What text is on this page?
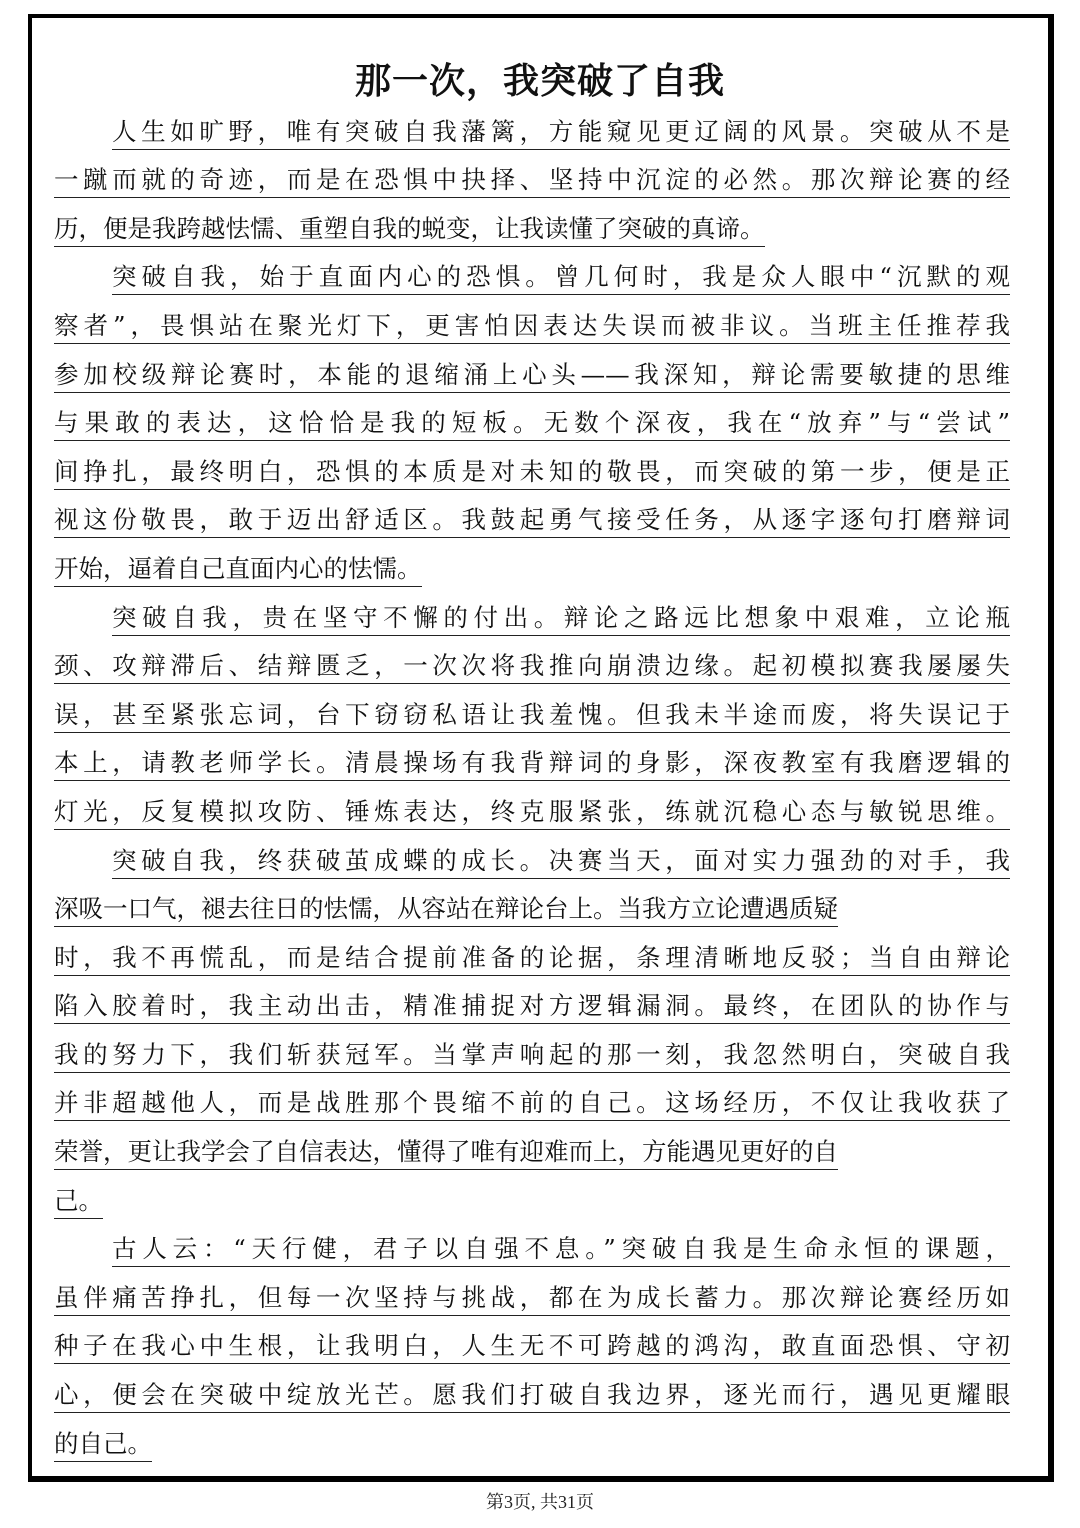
那一次，我突破了自我
人生如旷野，唯有突破自我藩篱，方能窥见更辽阔的风景。突破从不是
一蹴而就的奇迹，而是在恐惧中抉择、坚持中沉淀的必然。那次辩论赛的经
历，便是我跨越怯懦、重塑自我的蜕变，让我读懂了突破的真谛。
突破自我，始于直面内心的恐惧。曾几何时，我是众人眼中“沉默的观
察者”，畏惧站在聚光灯下，更害怕因表达失误而被非议。当班主任推荐我
参加校级辩论赛时，本能的退缩涌上心头——我深知，辩论需要敏捷的思维
与果敢的表达，这恰恰是我的短板。无数个深夜，我在“放弃”与“尝试”
间挣扎，最终明白，恐惧的本质是对未知的敬畏，而突破的第一步，便是正
视这份敬畏，敢于迈出舒适区。我鼓起勇气接受任务，从逐字逐句打磨辩词
开始，逼着自己直面内心的怯懦。
突破自我，贵在坚守不懈的付出。辩论之路远比想象中艰难，立论瓶
颈、攻辩滞后、结辩匮乏，一次次将我推向崩溃边缘。起初模拟赛我屡屡失
误，甚至紧张忘词，台下窃窃私语让我羞愧。但我未半途而废，将失误记于
本上，请教老师学长。清晨操场有我背辩词的身影，深夜教室有我磨逻辑的
灯光，反复模拟攻防、锤炼表达，终克服紧张，练就沉稳心态与敏锐思维。
突破自我，终获破茧成蝶的成长。决赛当天，面对实力强劲的对手，我
深吸一口气，褪去往日的怯懦，从容站在辩论台上。当我方立论遭遇质疑
时，我不再慌乱，而是结合提前准备的论据，条理清晰地反驳；当自由辩论
陷入胶着时，我主动出击，精准捕捉对方逻辑漏洞。最终，在团队的协作与
我的努力下，我们斩获冠军。当掌声响起的那一刻，我忽然明白，突破自我
并非超越他人，而是战胜那个畏缩不前的自己。这场经历，不仅让我收获了
荣誉，更让我学会了自信表达，懂得了唯有迎难而上，方能遇见更好的自
己。
古人云：“天行健，君子以自强不息。”突破自我是生命永恒的课题，
虽伴痛苦挣扎，但每一次坚持与挑战，都在为成长蓄力。那次辩论赛经历如
种子在我心中生根，让我明白，人生无不可跨越的鸿沟，敢直面恐惧、守初
心，便会在突破中绽放光芒。愿我们打破自我边界，逐光而行，遇见更耀眼
的自己。
第3页, 共31页
